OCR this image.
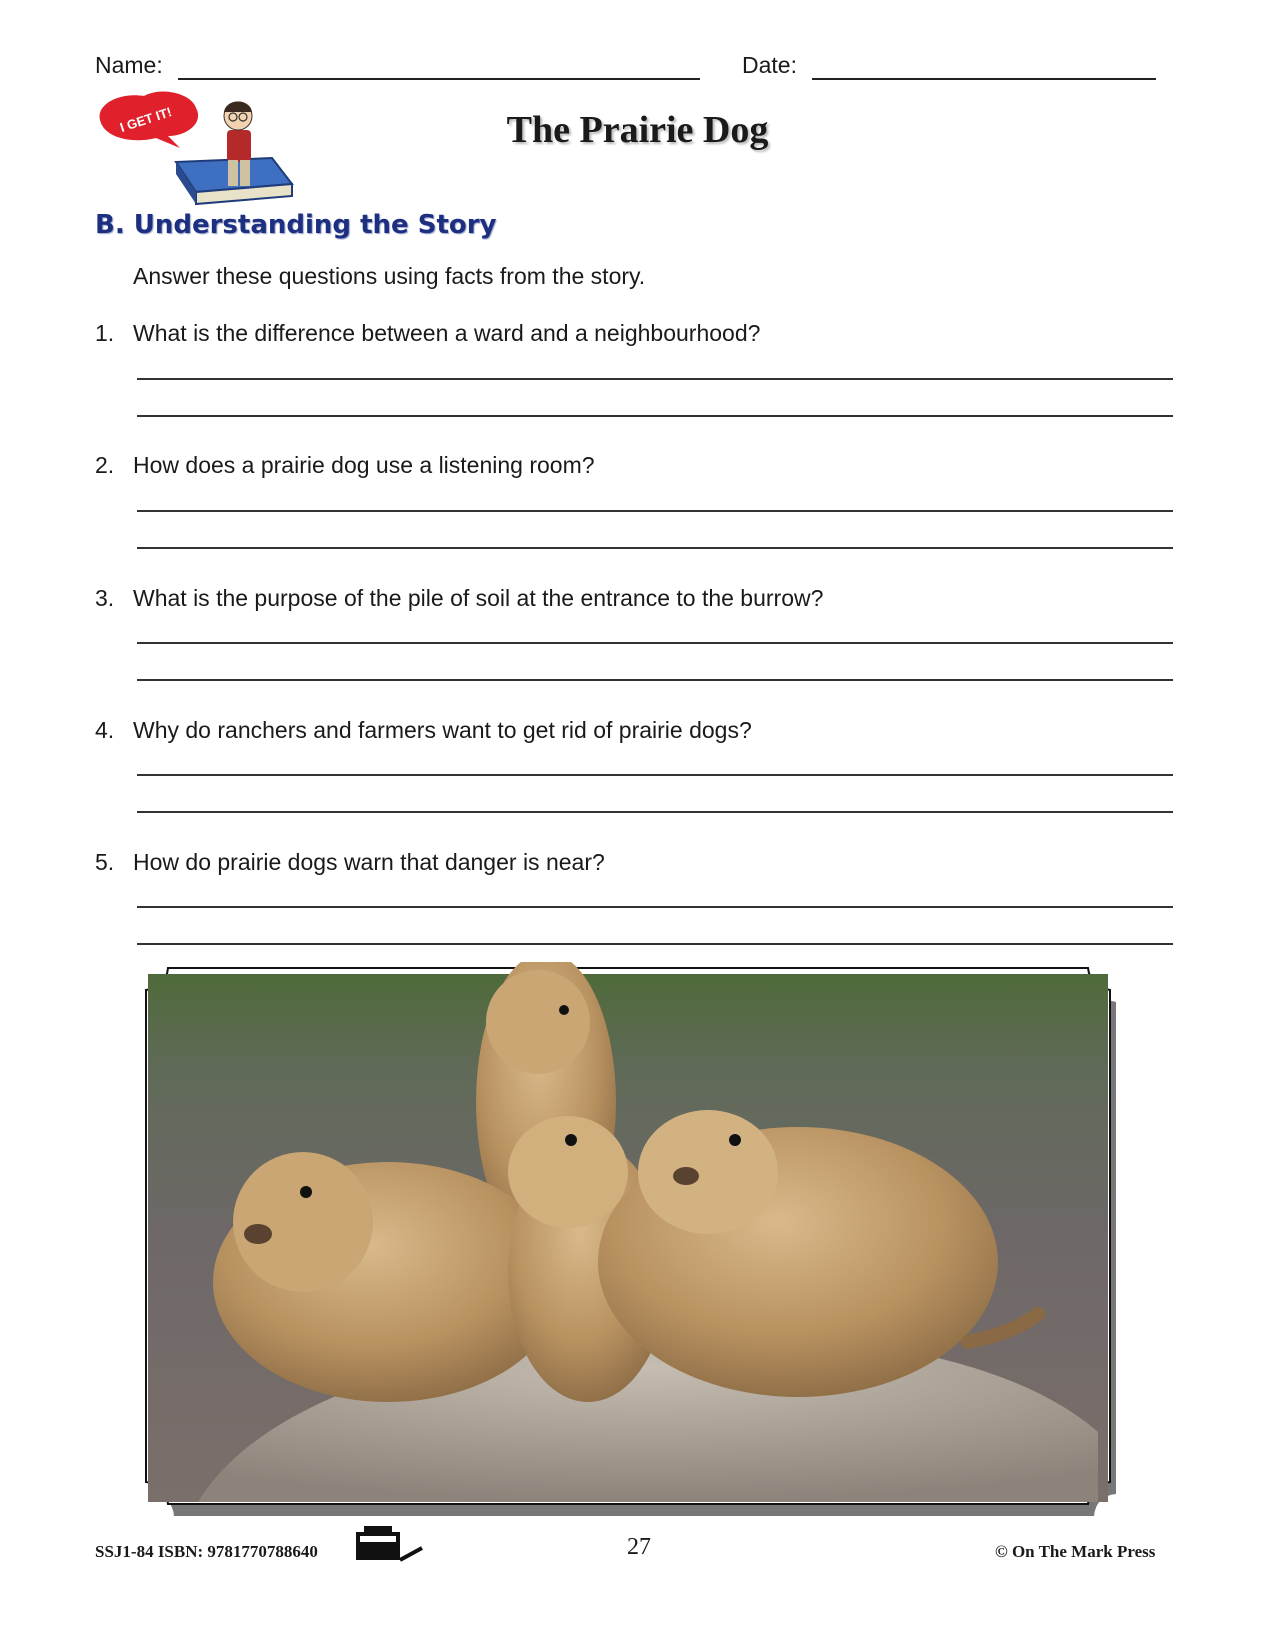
Name:	Date:
I GET IT!	The Prairie Dog
B. Understanding the Story
Answer these questions using facts from the story.
1. What is the difference between a ward and a neighbourhood?
2. How does a prairie dog use a listening room?
3. What is the purpose of the pile of soil at the entrance to the burrow?
4. Why do ranchers and farmers want to get rid of prairie dogs?
5. How do prairie dogs warn that danger is near?
SSJ1-84 ISBN: 9781770788640	27	© On The Mark Press
